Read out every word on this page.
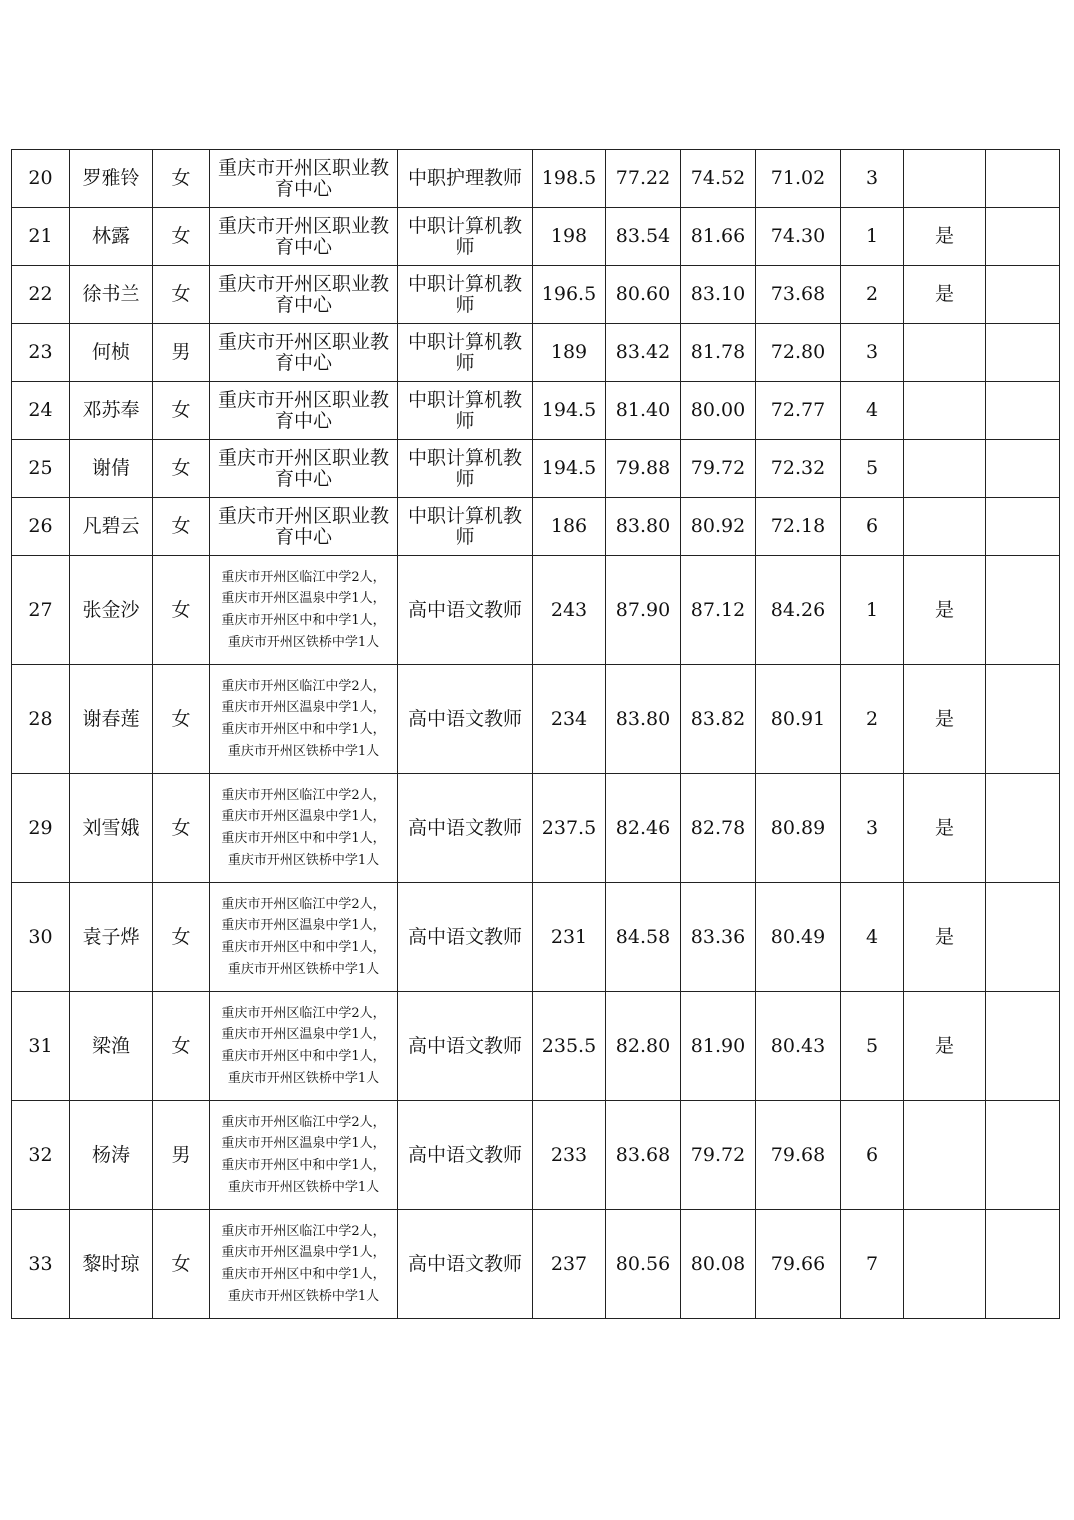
20	罗雅铃	女	重庆市开州区职业教育中心	中职护理教师	198.5	77.22	74.52	71.02	3		
21	林露	女	重庆市开州区职业教育中心	中职计算机教师	198	83.54	81.66	74.30	1	是	
22	徐书兰	女	重庆市开州区职业教育中心	中职计算机教师	196.5	80.60	83.10	73.68	2	是	
23	何桢	男	重庆市开州区职业教育中心	中职计算机教师	189	83.42	81.78	72.80	3		
24	邓苏奉	女	重庆市开州区职业教育中心	中职计算机教师	194.5	81.40	80.00	72.77	4		
25	谢倩	女	重庆市开州区职业教育中心	中职计算机教师	194.5	79.88	79.72	72.32	5		
26	凡碧云	女	重庆市开州区职业教育中心	中职计算机教师	186	83.80	80.92	72.18	6		
27	张金沙	女	重庆市开州区临江中学2人，重庆市开州区温泉中学1人，重庆市开州区中和中学1人，重庆市开州区铁桥中学1人	高中语文教师	243	87.90	87.12	84.26	1	是	
28	谢春莲	女	重庆市开州区临江中学2人，重庆市开州区温泉中学1人，重庆市开州区中和中学1人，重庆市开州区铁桥中学1人	高中语文教师	234	83.80	83.82	80.91	2	是	
29	刘雪娥	女	重庆市开州区临江中学2人，重庆市开州区温泉中学1人，重庆市开州区中和中学1人，重庆市开州区铁桥中学1人	高中语文教师	237.5	82.46	82.78	80.89	3	是	
30	袁子烨	女	重庆市开州区临江中学2人，重庆市开州区温泉中学1人，重庆市开州区中和中学1人，重庆市开州区铁桥中学1人	高中语文教师	231	84.58	83.36	80.49	4	是	
31	梁渔	女	重庆市开州区临江中学2人，重庆市开州区温泉中学1人，重庆市开州区中和中学1人，重庆市开州区铁桥中学1人	高中语文教师	235.5	82.80	81.90	80.43	5	是	
32	杨涛	男	重庆市开州区临江中学2人，重庆市开州区温泉中学1人，重庆市开州区中和中学1人，重庆市开州区铁桥中学1人	高中语文教师	233	83.68	79.72	79.68	6		
33	黎时琼	女	重庆市开州区临江中学2人，重庆市开州区温泉中学1人，重庆市开州区中和中学1人，重庆市开州区铁桥中学1人	高中语文教师	237	80.56	80.08	79.66	7		
